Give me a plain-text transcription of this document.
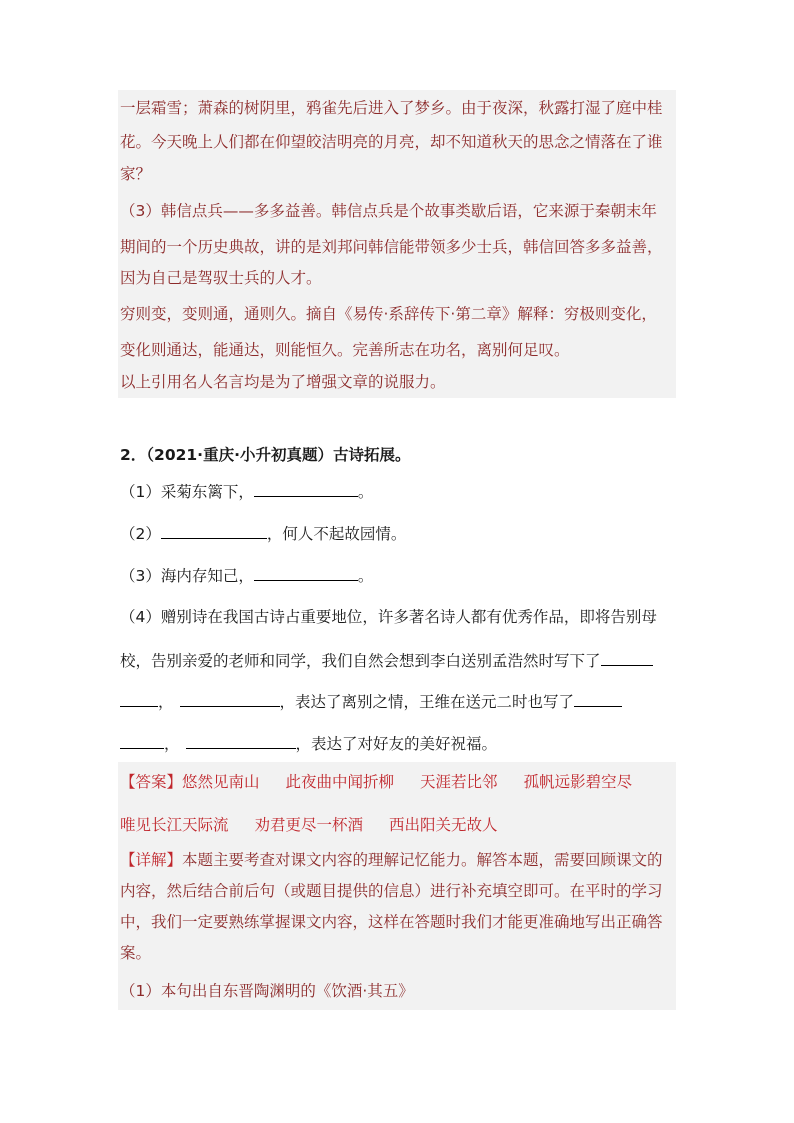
一层霜雪；萧森的树阴里，鸦雀先后进入了梦乡。由于夜深，秋露打湿了庭中桂
花。今天晚上人们都在仰望皎洁明亮的月亮，却不知道秋天的思念之情落在了谁
家？
（3）韩信点兵——多多益善。韩信点兵是个故事类歇后语，它来源于秦朝末年
期间的一个历史典故，讲的是刘邦问韩信能带领多少士兵，韩信回答多多益善，
因为自己是驾驭士兵的人才。
穷则变，变则通，通则久。摘自《易传·系辞传下·第二章》解释：穷极则变化，
变化则通达，能通达，则能恒久。完善所志在功名，离别何足叹。
以上引用名人名言均是为了增强文章的说服力。
2．（2021·重庆·小升初真题）古诗拓展。
（1）采菊东篱下，	。
（2）	，何人不起故园情。
（3）海内存知己，	。
（4）赠别诗在我国古诗占重要地位，许多著名诗人都有优秀作品，即将告别母
校，告别亲爱的老师和同学，我们自然会想到李白送别孟浩然时写下了
，	，表达了离别之情，王维在送元二时也写了
，	，表达了对好友的美好祝福。
【答案】悠然见南山 此夜曲中闻折柳 天涯若比邻 孤帆远影碧空尽
唯见长江天际流 劝君更尽一杯酒 西出阳关无故人
【详解】本题主要考查对课文内容的理解记忆能力。解答本题，需要回顾课文的
内容，然后结合前后句（或题目提供的信息）进行补充填空即可。在平时的学习
中，我们一定要熟练掌握课文内容，这样在答题时我们才能更准确地写出正确答
案。
（1）本句出自东晋陶渊明的《饮酒·其五》
